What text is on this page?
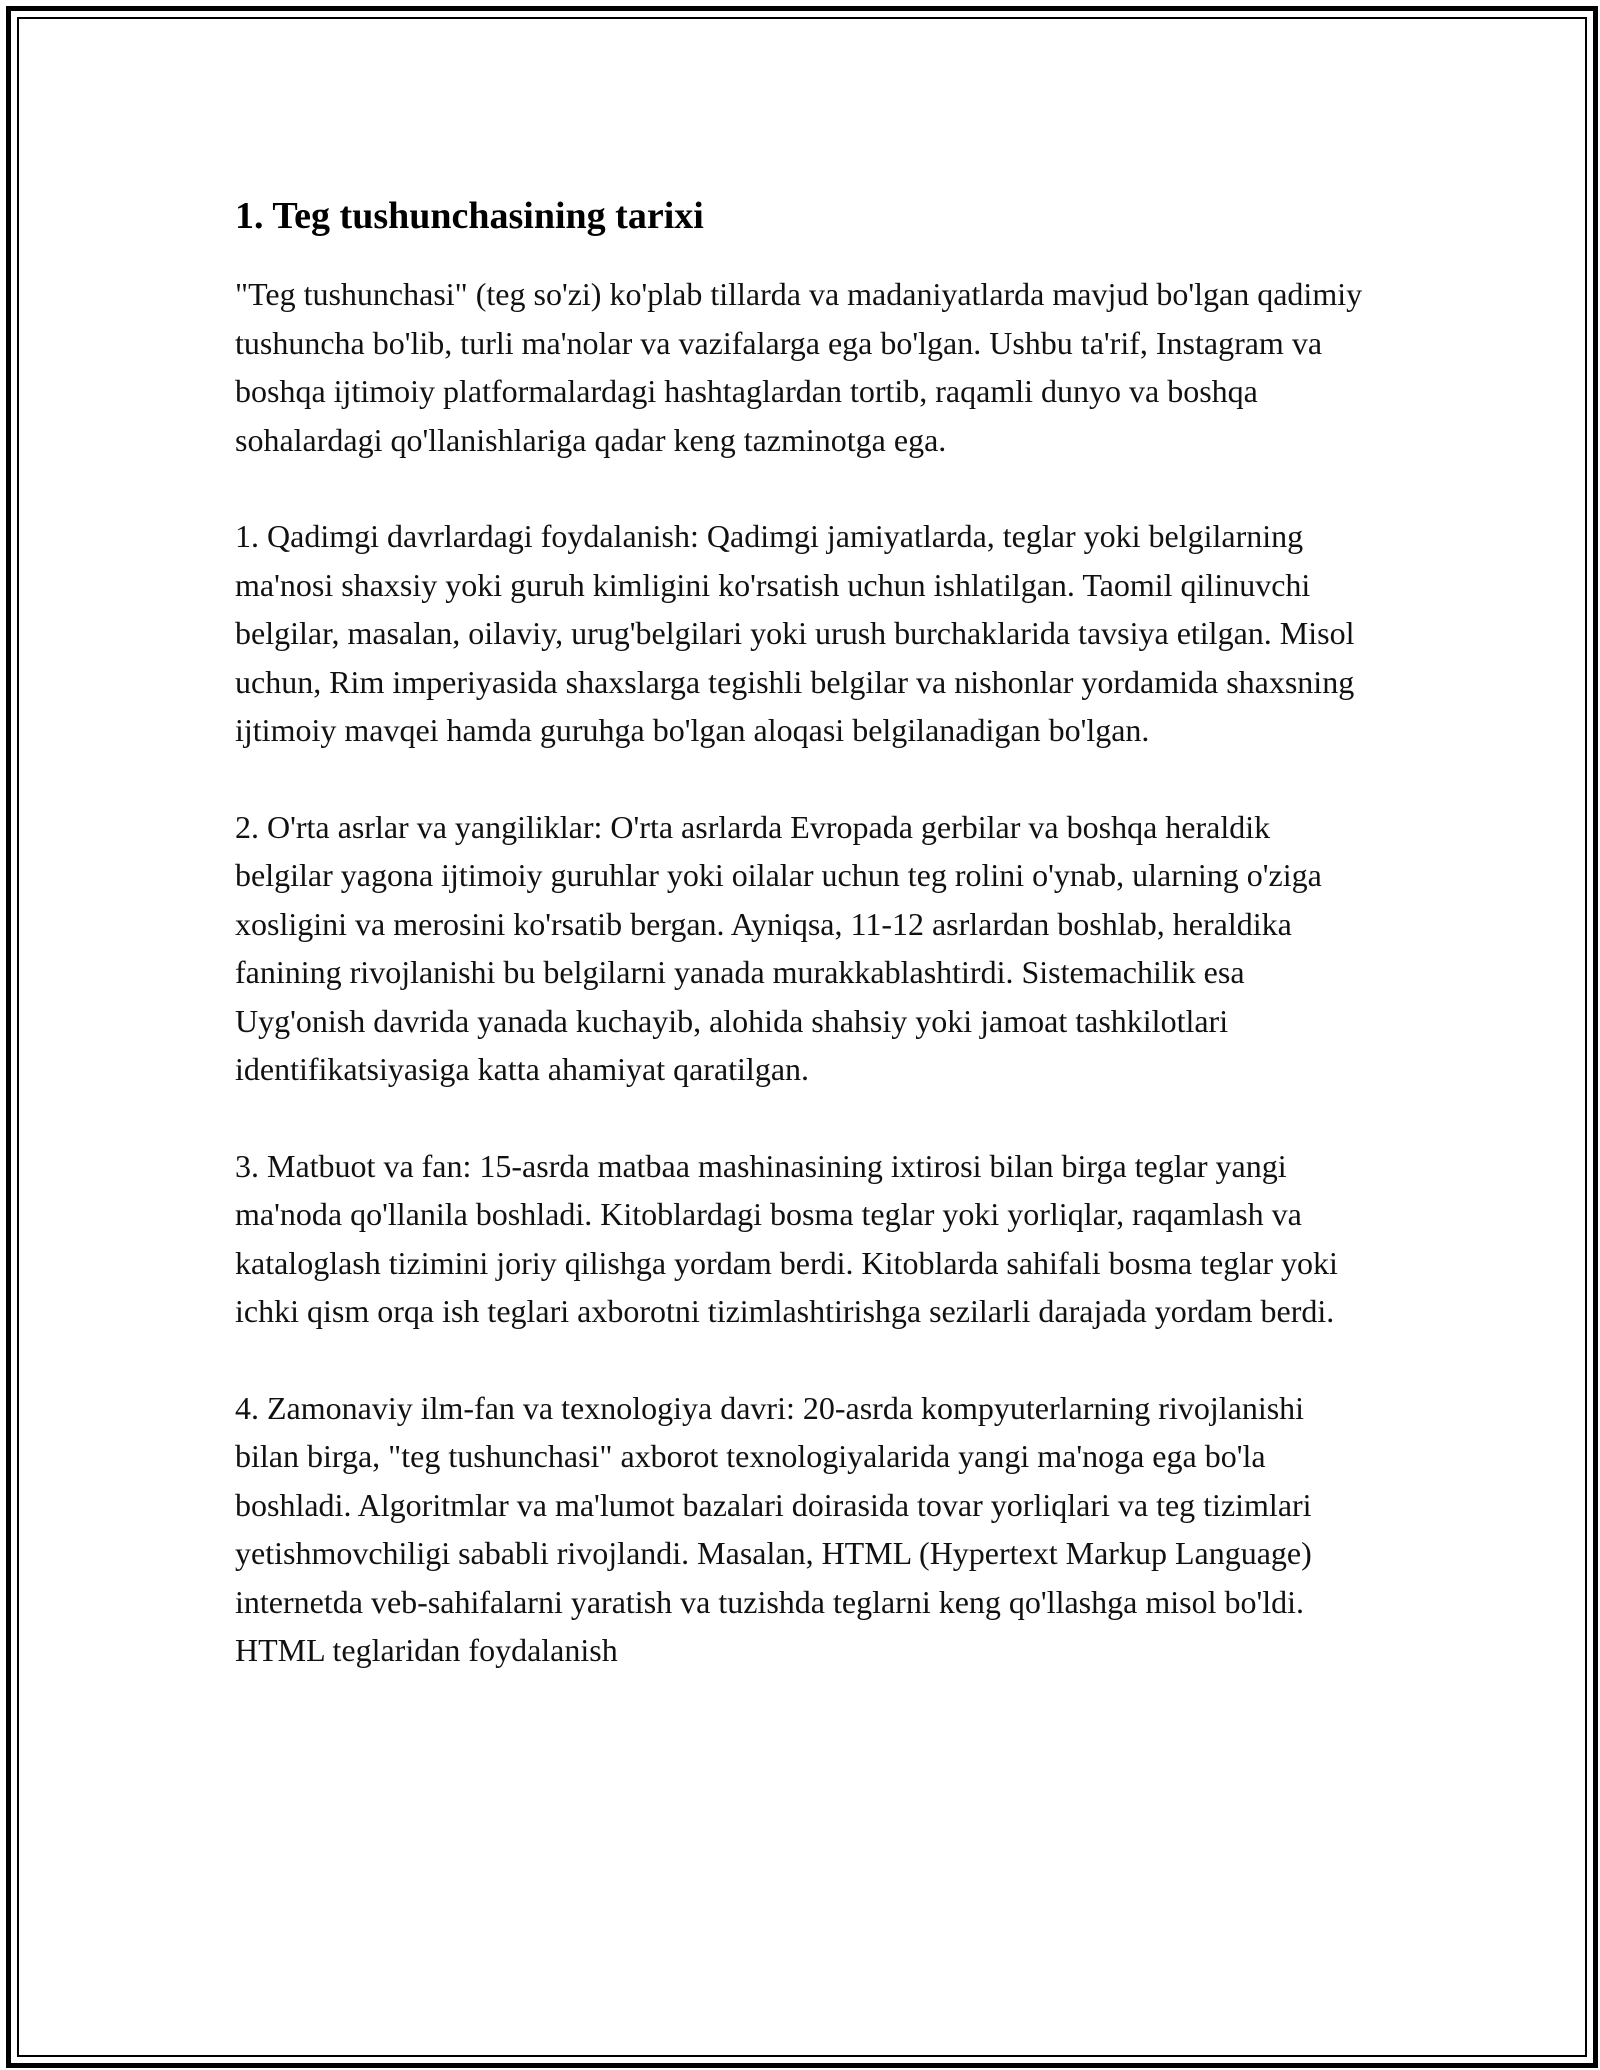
1. Teg tushunchasining tarixi

"Teg tushunchasi" (teg so'zi) ko'plab tillarda va madaniyatlarda mavjud bo'lgan qadimiy tushuncha bo'lib, turli ma'nolar va vazifalarga ega bo'lgan. Ushbu ta'rif, Instagram va boshqa ijtimoiy platformalardagi hashtaglardan tortib, raqamli dunyo va boshqa sohalardagi qo'llanishlariga qadar keng tazminotga ega.

1. Qadimgi davrlardagi foydalanish: Qadimgi jamiyatlarda, teglar yoki belgilarning ma'nosi shaxsiy yoki guruh kimligini ko'rsatish uchun ishlatilgan. Taomil qilinuvchi belgilar, masalan, oilaviy, urug'belgilari yoki urush burchaklarida tavsiya etilgan. Misol uchun, Rim imperiyasida shaxslarga tegishli belgilar va nishonlar yordamida shaxsning ijtimoiy mavqei hamda guruhga bo'lgan aloqasi belgilanadigan bo'lgan.

2. O'rta asrlar va yangiliklar: O'rta asrlarda Evropada gerbilar va boshqa heraldik belgilar yagona ijtimoiy guruhlar yoki oilalar uchun teg rolini o'ynab, ularning o'ziga xosligini va merosini ko'rsatib bergan. Ayniqsa, 11-12 asrlardan boshlab, heraldika fanining rivojlanishi bu belgilarni yanada murakkablashtirdi. Sistemachilik esa Uyg'onish davrida yanada kuchayib, alohida shahsiy yoki jamoat tashkilotlari identifikatsiyasiga katta ahamiyat qaratilgan.

3. Matbuot va fan: 15-asrda matbaa mashinasining ixtirosi bilan birga teglar yangi ma'noda qo'llanila boshladi. Kitoblardagi bosma teglar yoki yorliqlar, raqamlash va kataloglash tizimini joriy qilishga yordam berdi. Kitoblarda sahifali bosma teglar yoki ichki qism orqa ish teglari axborotni tizimlashtirishga sezilarli darajada yordam berdi.

4. Zamonaviy ilm-fan va texnologiya davri: 20-asrda kompyuterlarning rivojlanishi bilan birga, "teg tushunchasi" axborot texnologiyalarida yangi ma'noga ega bo'la boshladi. Algoritmlar va ma'lumot bazalari doirasida tovar yorliqlari va teg tizimlari yetishmovchiligi sababli rivojlandi. Masalan, HTML (Hypertext Markup Language) internetda veb-sahifalarni yaratish va tuzishda teglarni keng qo'llashga misol bo'ldi. HTML teglaridan foydalanish
